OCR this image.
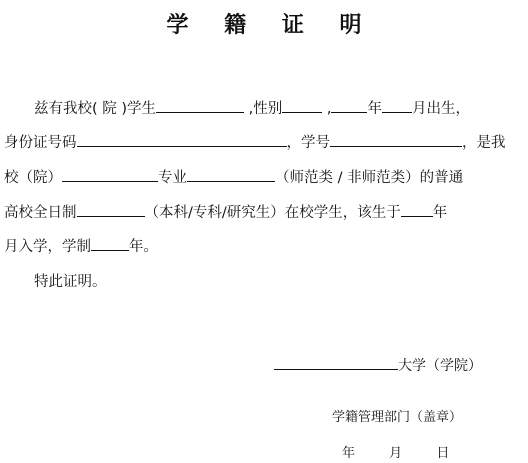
学 籍 证 明
兹有我校( 院 )学生	,性别	, 年 月出生，
身份证号码	，学号	，是我
校（院）	专业	（师范类 / 非师范类）的普通
高校全日制	（本科/专科/研究生）在校学生，该生于 年
月入学，学制	年。
特此证明。
大学（学院）
学籍管理部门（盖章）
年	月	日
